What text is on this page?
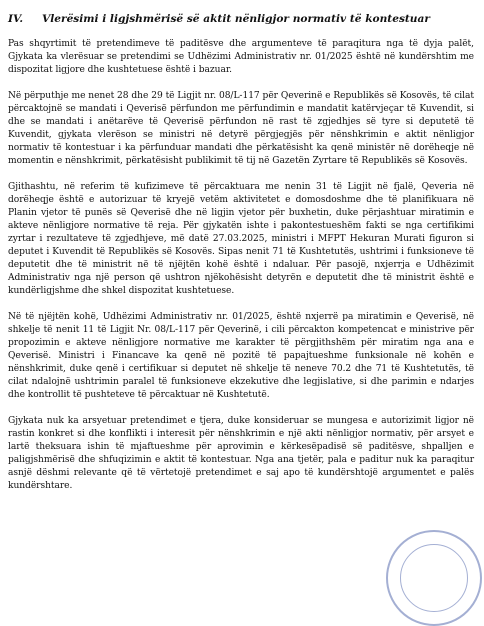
IV.	Vlerësimi i ligjshmërisë së aktit nënligjor normativ të kontestuar

Pas shqyrtimit të pretendimeve të paditësve dhe argumenteve të paraqitura nga të dyja palët, Gjykata ka vlerësuar se pretendimi se Udhëzimi Administrativ nr. 01/2025 është në kundërshtim me dispozitat ligjore dhe kushtetuese është i bazuar.

Në përputhje me nenet 28 dhe 29 të Ligjit nr. 08/L-117 për Qeverinë e Republikës së Kosovës, të cilat përcaktojnë se mandati i Qeverisë përfundon me përfundimin e mandatit katërvjeçar të Kuvendit, si dhe se mandati i anëtarëve të Qeverisë përfundon në rast të zgjedhjes së tyre si deputetë të Kuvendit, gjykata vlerëson se ministri në detyrë përgjegjës për nënshkrimin e aktit nënligjor normativ të kontestuar i ka përfunduar mandati dhe përkatësisht ka qenë ministër në dorëheqje në momentin e nënshkrimit, përkatësisht publikimit të tij në Gazetën Zyrtare të Republikës së Kosovës.

Gjithashtu, në referim të kufizimeve të përcaktuara me nenin 31 të Ligjit në fjalë, Qeveria në dorëheqje është e autorizuar të kryejë vetëm aktivitetet e domosdoshme dhe të planifikuara në Planin vjetor të punës së Qeverisë dhe në ligjin vjetor për buxhetin, duke përjashtuar miratimin e akteve nënligjore normative të reja. Për gjykatën ishte i pakontestueshëm fakti se nga certifikimi zyrtar i rezultateve të zgjedhjeve, më datë 27.03.2025, ministri i MFPT Hekuran Murati figuron si deputet i Kuvendit të Republikës së Kosovës. Sipas nenit 71 të Kushtetutës, ushtrimi i funksioneve të deputetit dhe të ministrit në të njëjtën kohë është i ndaluar. Për pasojë, nxjerrja e Udhëzimit Administrativ nga një person që ushtron njëkohësisht detyrën e deputetit dhe të ministrit është e kundërligjshme dhe shkel dispozitat kushtetuese.

Në të njëjtën kohë, Udhëzimi Administrativ nr. 01/2025, është nxjerrë pa miratimin e Qeverisë, në shkelje të nenit 11 të Ligjit Nr. 08/L-117 për Qeverinë, i cili përcakton kompetencat e ministrive për propozimin e akteve nënligjore normative me karakter të përgjithshëm për miratim nga ana e Qeverisë. Ministri i Financave ka qenë në pozitë të papajtueshme funksionale në kohën e nënshkrimit, duke qenë i certifikuar si deputet në shkelje të neneve 70.2 dhe 71 të Kushtetutës, të cilat ndalojnë ushtrimin paralel të funksioneve ekzekutive dhe legjislative, si dhe parimin e ndarjes dhe kontrollit të pushteteve të përcaktuar në Kushtetutë.

Gjykata nuk ka arsyetuar pretendimet e tjera, duke konsideruar se mungesa e autorizimit ligjor në rastin konkret si dhe konflikti i interesit për nënshkrimin e një akti nënligjor normativ, për arsyet e lartë theksuara ishin të mjaftueshme për aprovimin e kërkesëpadisë së paditësve, shpalljen e paligjshmërisë dhe shfuqizimin e aktit të kontestuar. Nga ana tjetër, pala e paditur nuk ka paraqitur asnjë dëshmi relevante që të vërtetojë pretendimet e saj apo të kundërshtojë argumentet e palës kundërshtare.
